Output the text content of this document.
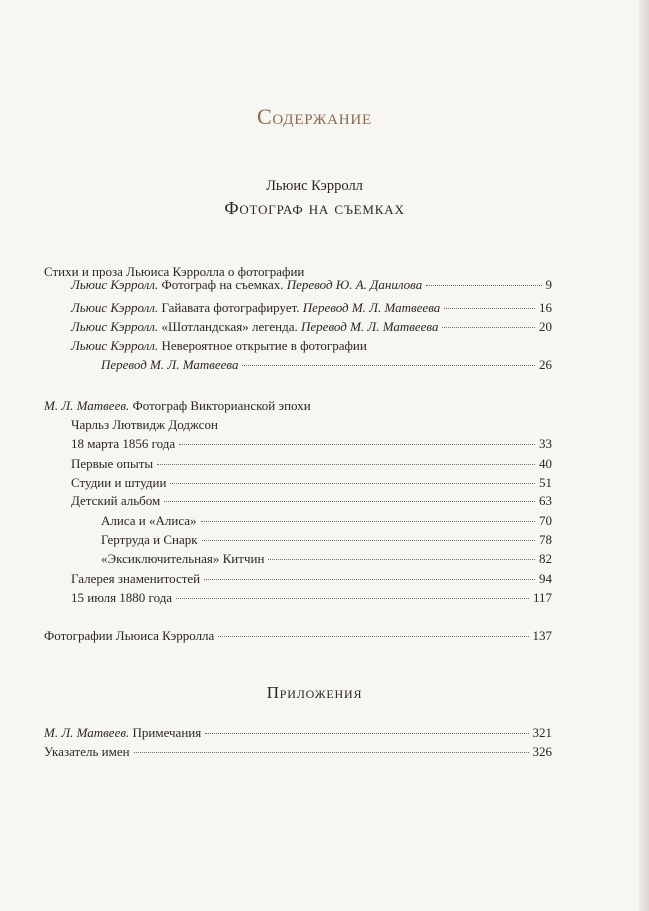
Содержание
Льюис Кэрролл
Фотограф на съемках
Стихи и проза Льюиса Кэрролла о фотографии
Льюис Кэрролл. Фотограф на съемках. Перевод Ю. А. Данилова	9
Льюис Кэрролл. Гайавата фотографирует. Перевод М. Л. Матвеева	16
Льюис Кэрролл. «Шотландская» легенда. Перевод М. Л. Матвеева	20
Льюис Кэрролл. Невероятное открытие в фотографии
Перевод М. Л. Матвеева	26
М. Л. Матвеев. Фотограф Викторианской эпохи
Чарльз Лютвидж Доджсон
18 марта 1856 года	33
Первые опыты	40
Студии и штудии	51
Детский альбом	63
Алиса и «Алиса»	70
Гертруда и Снарк	78
«Эксиключительная» Китчин	82
Галерея знаменитостей	94
15 июля 1880 года	117
Фотографии Льюиса Кэрролла	137
Приложения
М. Л. Матвеев. Примечания	321
Указатель имен	326
